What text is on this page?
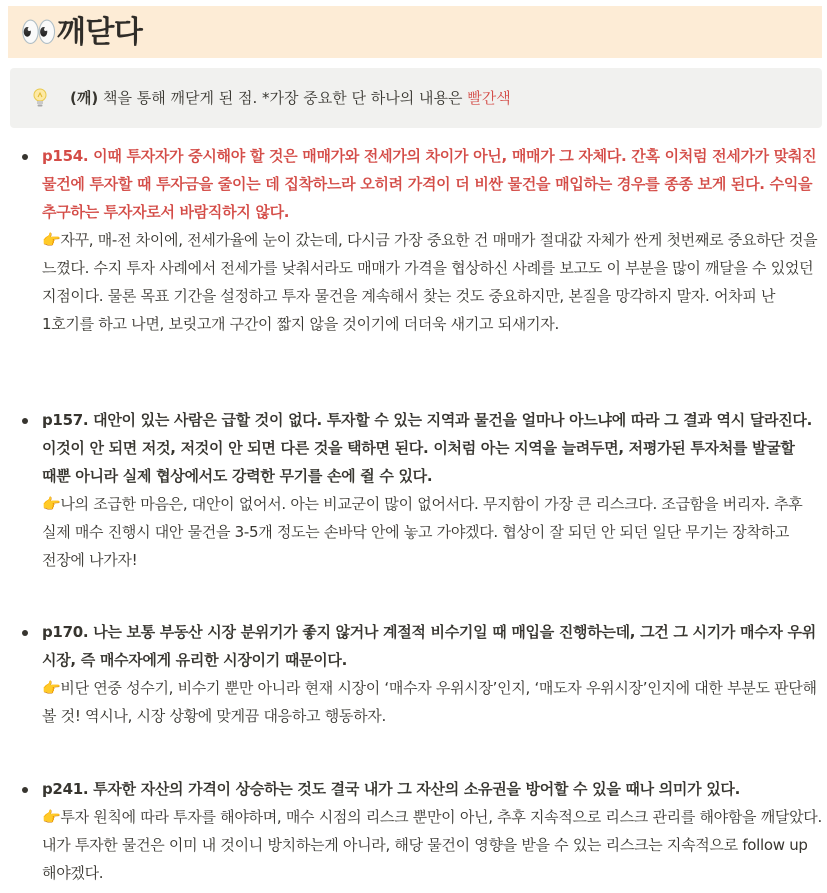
👀깨닫다
(깨) 책을 통해 깨닫게 된 점. *가장 중요한 단 하나의 내용은 빨간색
p154. 이때 투자자가 중시해야 할 것은 매매가와 전세가의 차이가 아닌, 매매가 그 자체다. 간혹 이처럼 전세가가 맞춰진 물건에 투자할 때 투자금을 줄이는 데 집착하느라 오히려 가격이 더 비싼 물건을 매입하는 경우를 종종 보게 된다. 수익을 추구하는 투자자로서 바람직하지 않다.
👉자꾸, 매-전 차이에, 전세가율에 눈이 갔는데, 다시금 가장 중요한 건 매매가 절대값 자체가 싼게 첫번째로 중요하단 것을 느꼈다. 수지 투자 사례에서 전세가를 낮춰서라도 매매가 가격을 협상하신 사례를 보고도 이 부분을 많이 깨달을 수 있었던 지점이다. 물론 목표 기간을 설정하고 투자 물건을 계속해서 찾는 것도 중요하지만, 본질을 망각하지 말자. 어차피 난 1호기를 하고 나면, 보릿고개 구간이 짧지 않을 것이기에 더더욱 새기고 되새기자.
p157. 대안이 있는 사람은 급할 것이 없다. 투자할 수 있는 지역과 물건을 얼마나 아느냐에 따라 그 결과 역시 달라진다. 이것이 안 되면 저것, 저것이 안 되면 다른 것을 택하면 된다. 이처럼 아는 지역을 늘려두면, 저평가된 투자처를 발굴할 때뿐 아니라 실제 협상에서도 강력한 무기를 손에 쥘 수 있다.
👉나의 조급한 마음은, 대안이 없어서. 아는 비교군이 많이 없어서다. 무지함이 가장 큰 리스크다. 조급함을 버리자. 추후 실제 매수 진행시 대안 물건을 3-5개 정도는 손바닥 안에 놓고 가야겠다. 협상이 잘 되던 안 되던 일단 무기는 장착하고 전장에 나가자!
p170. 나는 보통 부동산 시장 분위기가 좋지 않거나 계절적 비수기일 때 매입을 진행하는데, 그건 그 시기가 매수자 우위 시장, 즉 매수자에게 유리한 시장이기 때문이다.
👉비단 연중 성수기, 비수기 뿐만 아니라 현재 시장이 ‘매수자 우위시장’인지, ‘매도자 우위시장’인지에 대한 부분도 판단해 볼 것! 역시나, 시장 상황에 맞게끔 대응하고 행동하자.
p241. 투자한 자산의 가격이 상승하는 것도 결국 내가 그 자산의 소유권을 방어할 수 있을 때나 의미가 있다.
👉투자 원칙에 따라 투자를 해야하며, 매수 시점의 리스크 뿐만이 아닌, 추후 지속적으로 리스크 관리를 해야함을 깨달았다. 내가 투자한 물건은 이미 내 것이니 방치하는게 아니라, 해당 물건이 영향을 받을 수 있는 리스크는 지속적으로 follow up 해야겠다.
